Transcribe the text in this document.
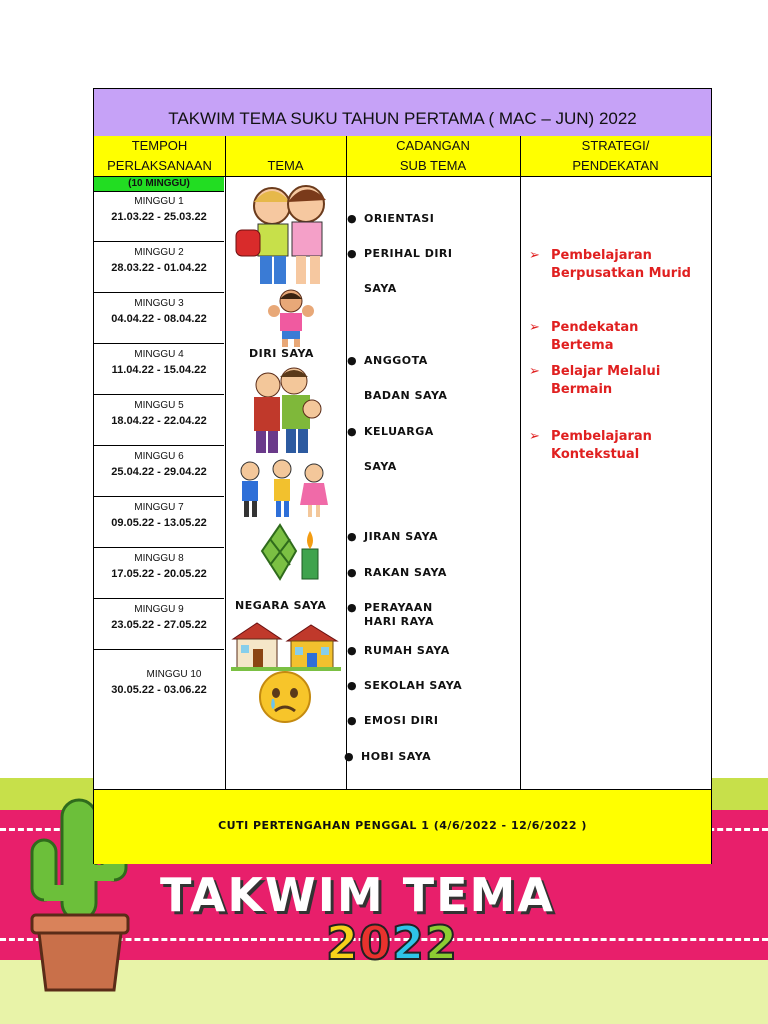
TAKWIM TEMA
2022
TAKWIM TEMA SUKU TAHUN PERTAMA ( MAC – JUN) 2022
TEMPOH
PERLAKSANAAN	TEMA
CADANGAN
SUB TEMA
STRATEGI/
PENDEKATAN
(10 MINGGU)
MINGGU 1
21.03.22 - 25.03.22
MINGGU 2
28.03.22 - 01.04.22
MINGGU 3
04.04.22 - 08.04.22
MINGGU 4
11.04.22 - 15.04.22
MINGGU 5
18.04.22 - 22.04.22
MINGGU 6
25.04.22 - 29.04.22
MINGGU 7
09.05.22 - 13.05.22
MINGGU 8
17.05.22 - 20.05.22
MINGGU 9
23.05.22 - 27.05.22
MINGGU 10
30.05.22 - 03.06.22
DIRI SAYA
NEGARA SAYA
● ORIENTASI
● PERIHAL DIRI
SAYA
● ANGGOTA
BADAN SAYA
● KELUARGA
SAYA
● JIRAN SAYA
● RAKAN SAYA
● PERAYAAN
HARI RAYA
● RUMAH SAYA
● SEKOLAH SAYA
● EMOSI DIRI
● HOBI SAYA
➢ Pembelajaran Berpusatkan Murid
➢ Pendekatan Bertema
➢ Belajar Melalui Bermain
➢ Pembelajaran Kontekstual
CUTI PERTENGAHAN PENGGAL 1 (4/6/2022 - 12/6/2022 )
